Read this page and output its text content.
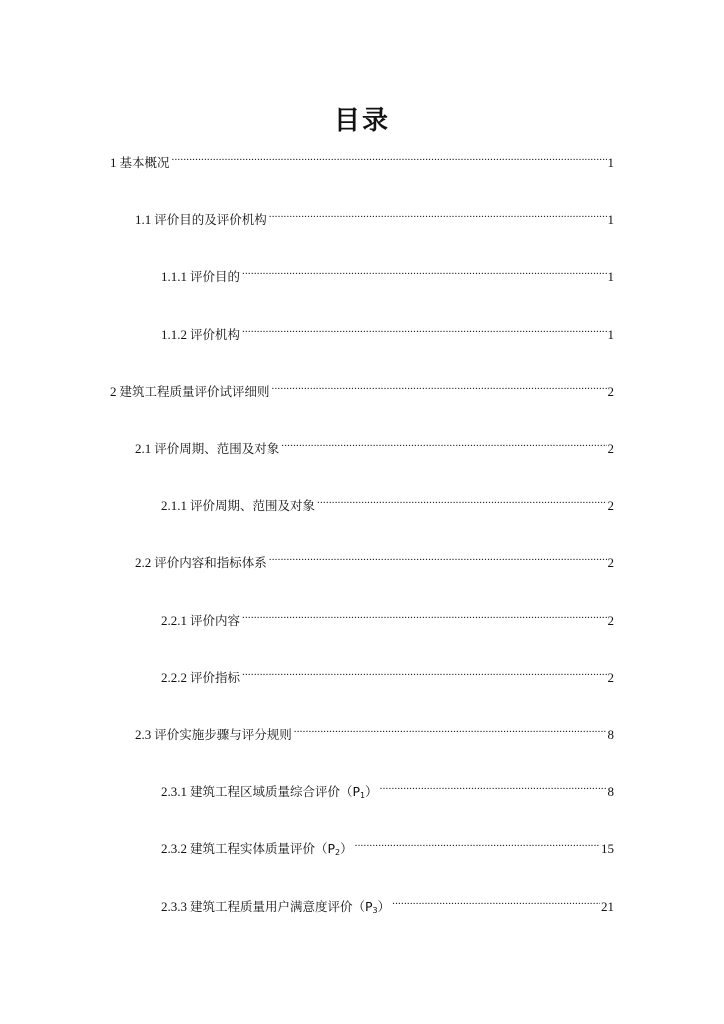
目录
1 基本概况 .....	1
1.1 评价目的及评价机构 .....	1
1.1.1 评价目的 .....	1
1.1.2 评价机构 .....	1
2 建筑工程质量评价试评细则 .....	2
2.1 评价周期、范围及对象 .....	2
2.1.1 评价周期、范围及对象 .....	2
2.2 评价内容和指标体系 .....	2
2.2.1 评价内容 .....	2
2.2.2 评价指标 .....	2
2.3 评价实施步骤与评分规则 .....	8
2.3.1 建筑工程区域质量综合评价$(P_1)$ .....	8
2.3.2 建筑工程实体质量评价$(P_2)$ .....	15
2.3.3 建筑工程质量用户满意度评价$(P_3)$ .....	21
